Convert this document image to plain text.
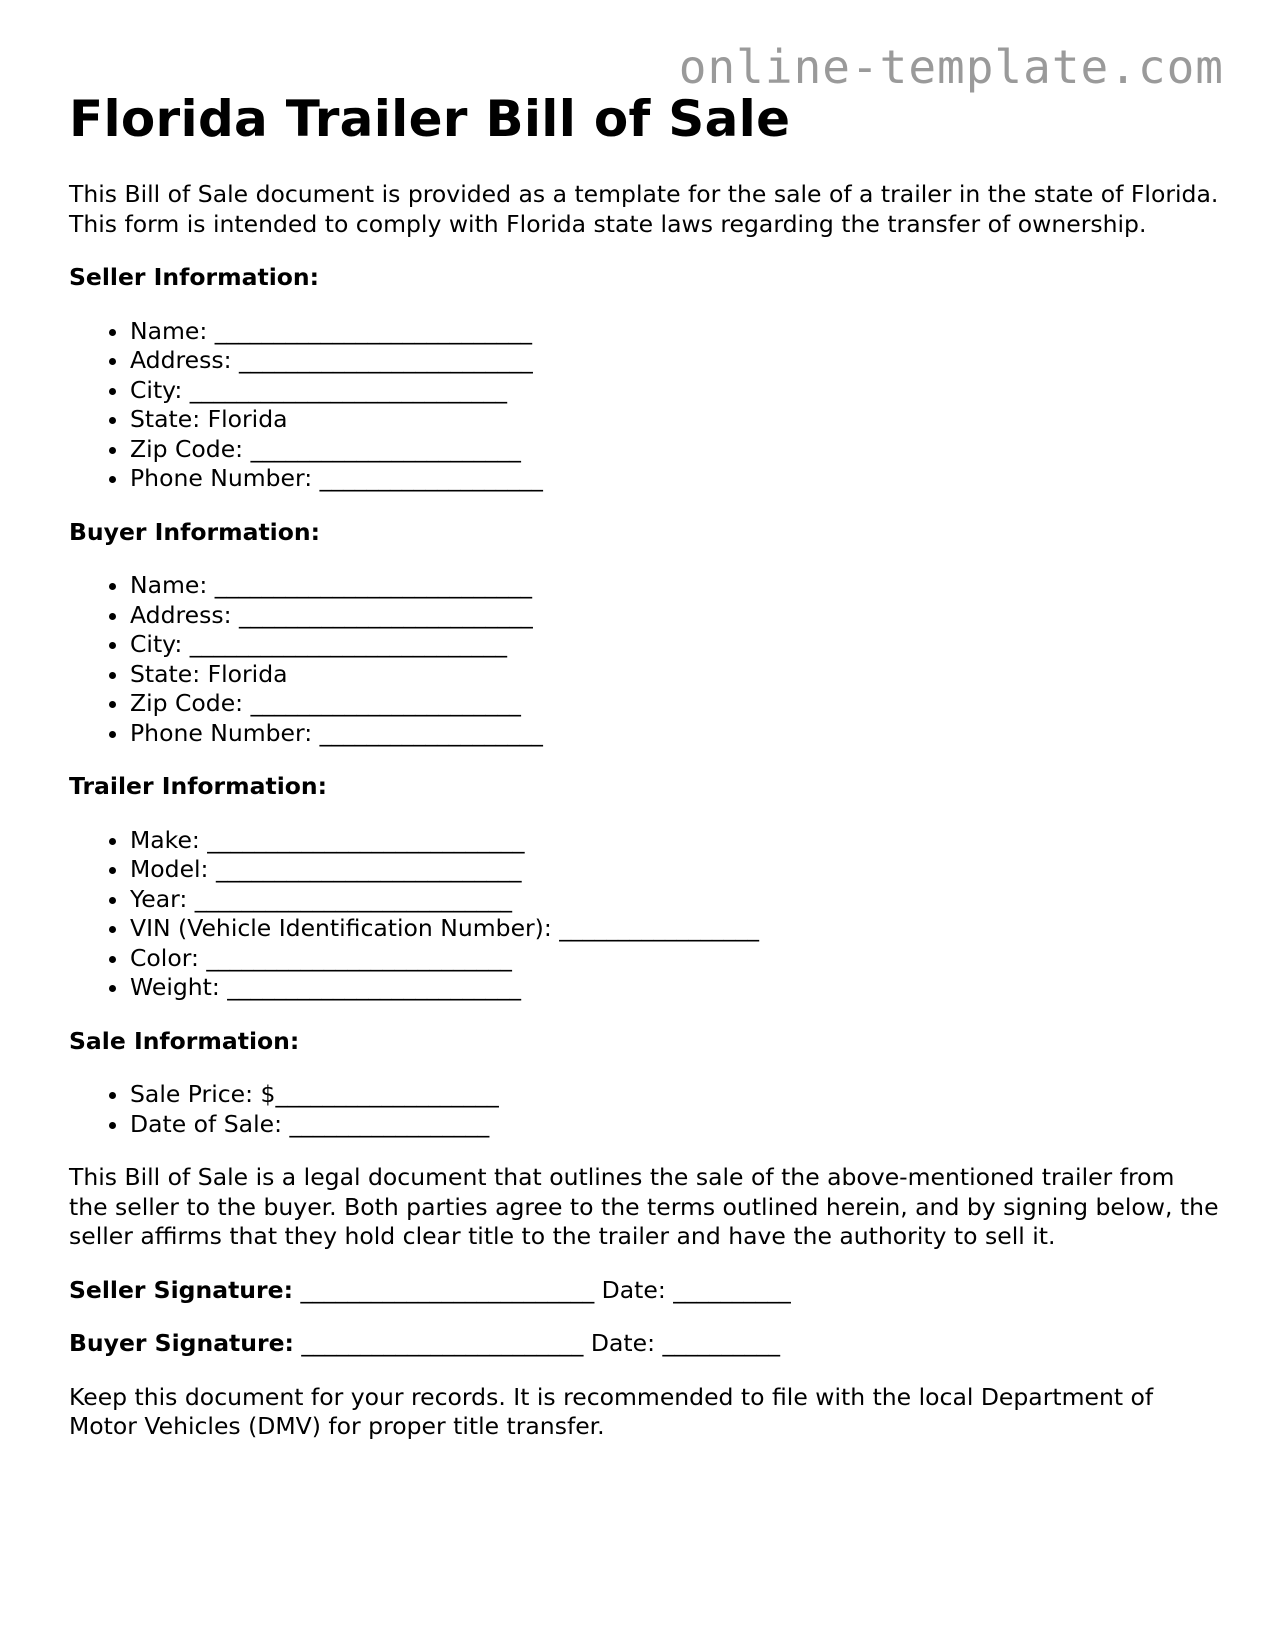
online-template.com
Florida Trailer Bill of Sale

This Bill of Sale document is provided as a template for the sale of a trailer in the state of Florida. This form is intended to comply with Florida state laws regarding the transfer of ownership.

Seller Information:
• Name: ___________________________
• Address: _________________________
• City: ___________________________
• State: Florida
• Zip Code: _______________________
• Phone Number: ___________________
Buyer Information:
• Name: ___________________________
• Address: _________________________
• City: ___________________________
• State: Florida
• Zip Code: _______________________
• Phone Number: ___________________
Trailer Information:
• Make: ___________________________
• Model: __________________________
• Year: ___________________________
• VIN (Vehicle Identification Number): _________________
• Color: __________________________
• Weight: _________________________
Sale Information:
• Sale Price: $___________________
• Date of Sale: _________________

This Bill of Sale is a legal document that outlines the sale of the above-mentioned trailer from the seller to the buyer. Both parties agree to the terms outlined herein, and by signing below, the seller affirms that they hold clear title to the trailer and have the authority to sell it.

Seller Signature: _________________________ Date: __________
Buyer Signature: ________________________ Date: __________

Keep this document for your records. It is recommended to file with the local Department of Motor Vehicles (DMV) for proper title transfer.
